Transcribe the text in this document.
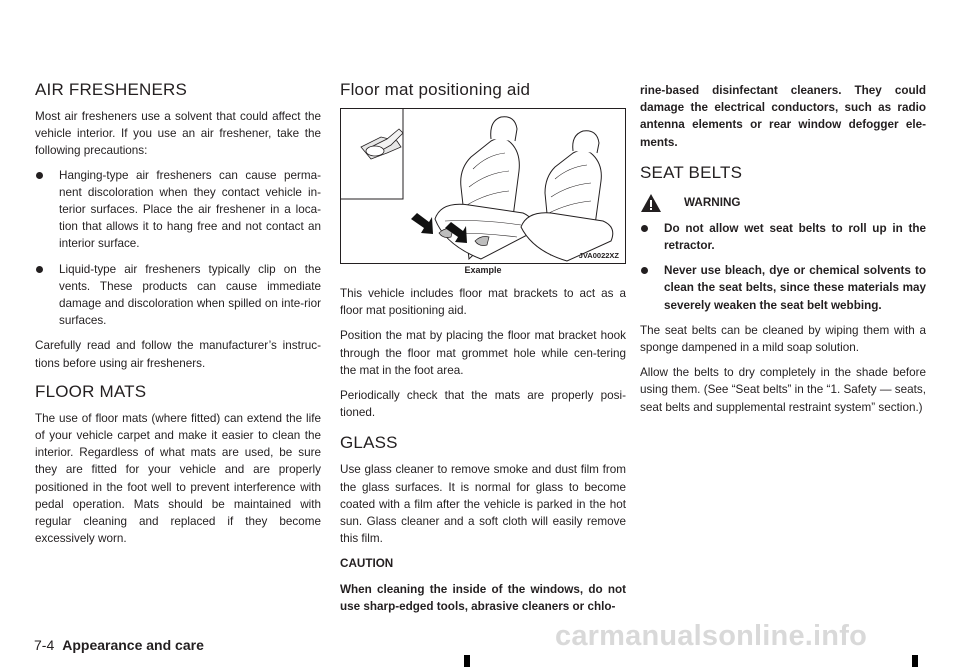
AIR FRESHENERS

Most air fresheners use a solvent that could affect the vehicle interior. If you use an air freshener, take the following precautions:

Hanging-type air fresheners can cause perma-nent discoloration when they contact vehicle in-terior surfaces. Place the air freshener in a loca-tion that allows it to hang free and not contact an interior surface.
Liquid-type air fresheners typically clip on the vents. These products can cause immediate damage and discoloration when spilled on inte-rior surfaces.

Carefully read and follow the manufacturer’s instruc-tions before using air fresheners.

FLOOR MATS

The use of floor mats (where fitted) can extend the life of your vehicle carpet and make it easier to clean the interior. Regardless of what mats are used, be sure they are fitted for your vehicle and are properly positioned in the foot well to prevent interference with pedal operation. Mats should be maintained with regular cleaning and replaced if they become excessively worn.

Floor mat positioning aid
JVA0022XZ
Example

This vehicle includes floor mat brackets to act as a floor mat positioning aid.

Position the mat by placing the floor mat bracket hook through the floor mat grommet hole while cen-tering the mat in the foot area.

Periodically check that the mats are properly posi-tioned.

GLASS

Use glass cleaner to remove smoke and dust film from the glass surfaces. It is normal for glass to become coated with a film after the vehicle is parked in the hot sun. Glass cleaner and a soft cloth will easily remove this film.

CAUTION

When cleaning the inside of the windows, do not use sharp-edged tools, abrasive cleaners or chlo-

rine-based disinfectant cleaners. They could damage the electrical conductors, such as radio antenna elements or rear window defogger ele-ments.

SEAT BELTS
WARNING
Do not allow wet seat belts to roll up in the retractor.
Never use bleach, dye or chemical solvents to clean the seat belts, since these materials may severely weaken the seat belt webbing.

The seat belts can be cleaned by wiping them with a sponge dampened in a mild soap solution.

Allow the belts to dry completely in the shade before using them. (See “Seat belts” in the “1. Safety — seats, seat belts and supplemental restraint system” section.)

7-4 Appearance and care	carmanualsonline.info
